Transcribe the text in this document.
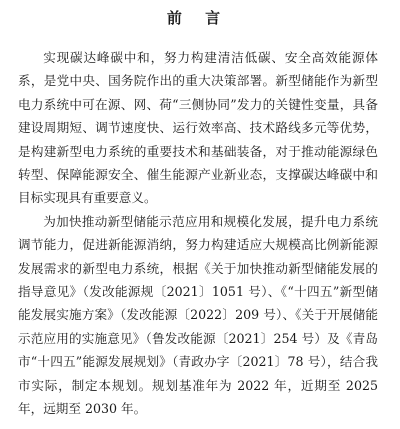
前 言

实现碳达峰碳中和，努力构建清洁低碳、安全高效能源体系，是党中央、国务院作出的重大决策部署。新型储能作为新型电力系统中可在源、网、荷“三侧协同”发力的关键性变量，具备建设周期短、调节速度快、运行效率高、技术路线多元等优势，是构建新型电力系统的重要技术和基础装备，对于推动能源绿色转型、保障能源安全、催生能源产业新业态，支撑碳达峰碳中和目标实现具有重要意义。

为加快推动新型储能示范应用和规模化发展，提升电力系统调节能力，促进新能源消纳，努力构建适应大规模高比例新能源发展需求的新型电力系统，根据《关于加快推动新型储能发展的指导意见》（发改能源规〔2021〕1051 号）、《“十四五”新型储能发展实施方案》（发改能源〔2022〕209 号）、《关于开展储能示范应用的实施意见》（鲁发改能源〔2021〕254 号）及《青岛市“十四五”能源发展规划》（青政办字〔2021〕78 号），结合我市实际，制定本规划。规划基准年为 2022 年，近期至 2025 年，远期至 2030 年。
